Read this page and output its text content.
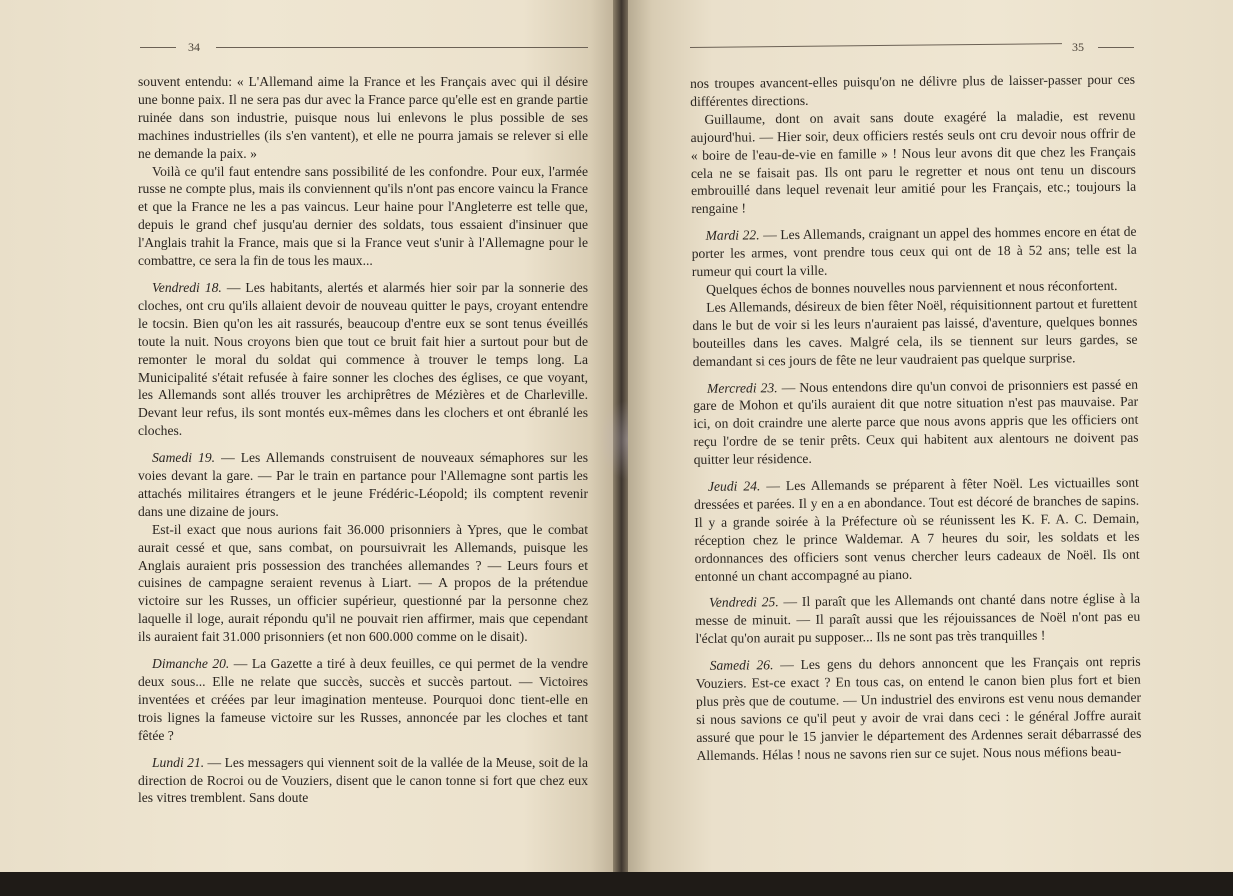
34

souvent entendu: « L'Allemand aime la France et les Français avec qui il désire une bonne paix. Il ne sera pas dur avec la France parce qu'elle est en grande partie ruinée dans son industrie, puisque nous lui enlevons le plus possible de ses machines industrielles (ils s'en vantent), et elle ne pourra jamais se relever si elle ne demande la paix. »

Voilà ce qu'il faut entendre sans possibilité de les confondre. Pour eux, l'armée russe ne compte plus, mais ils conviennent qu'ils n'ont pas encore vaincu la France et que la France ne les a pas vaincus. Leur haine pour l'Angleterre est telle que, depuis le grand chef jusqu'au dernier des soldats, tous essaient d'insinuer que l'Anglais trahit la France, mais que si la France veut s'unir à l'Allemagne pour le combattre, ce sera la fin de tous les maux...

Vendredi 18. — Les habitants, alertés et alarmés hier soir par la sonnerie des cloches, ont cru qu'ils allaient devoir de nouveau quitter le pays, croyant entendre le tocsin. Bien qu'on les ait rassurés, beaucoup d'entre eux se sont tenus éveillés toute la nuit. Nous croyons bien que tout ce bruit fait hier a surtout pour but de remonter le moral du soldat qui commence à trouver le temps long. La Municipalité s'était refusée à faire sonner les cloches des églises, ce que voyant, les Allemands sont allés trouver les archiprêtres de Mézières et de Charleville. Devant leur refus, ils sont montés eux-mêmes dans les clochers et ont ébranlé les cloches.

Samedi 19. — Les Allemands construisent de nouveaux sémaphores sur les voies devant la gare. — Par le train en partance pour l'Allemagne sont partis les attachés militaires étrangers et le jeune Frédéric-Léopold; ils comptent revenir dans une dizaine de jours.

Est-il exact que nous aurions fait 36.000 prisonniers à Ypres, que le combat aurait cessé et que, sans combat, on poursuivrait les Allemands, puisque les Anglais auraient pris possession des tranchées allemandes ? — Leurs fours et cuisines de campagne seraient revenus à Liart. — A propos de la prétendue victoire sur les Russes, un officier supérieur, questionné par la personne chez laquelle il loge, aurait répondu qu'il ne pouvait rien affirmer, mais que cependant ils auraient fait 31.000 prisonniers (et non 600.000 comme on le disait).

Dimanche 20. — La Gazette a tiré à deux feuilles, ce qui permet de la vendre deux sous... Elle ne relate que succès, succès et succès partout. — Victoires inventées et créées par leur imagination menteuse. Pourquoi donc tient-elle en trois lignes la fameuse victoire sur les Russes, annoncée par les cloches et tant fêtée ?

Lundi 21. — Les messagers qui viennent soit de la vallée de la Meuse, soit de la direction de Rocroi ou de Vouziers, disent que le canon tonne si fort que chez eux les vitres tremblent. Sans doute

35

nos troupes avancent-elles puisqu'on ne délivre plus de laisser-passer pour ces différentes directions.

Guillaume, dont on avait sans doute exagéré la maladie, est revenu aujourd'hui. — Hier soir, deux officiers restés seuls ont cru devoir nous offrir de « boire de l'eau-de-vie en famille » ! Nous leur avons dit que chez les Français cela ne se faisait pas. Ils ont paru le regretter et nous ont tenu un discours embrouillé dans lequel revenait leur amitié pour les Français, etc.; toujours la rengaine !

Mardi 22. — Les Allemands, craignant un appel des hommes encore en état de porter les armes, vont prendre tous ceux qui ont de 18 à 52 ans; telle est la rumeur qui court la ville.

Quelques échos de bonnes nouvelles nous parviennent et nous réconfortent.

Les Allemands, désireux de bien fêter Noël, réquisitionnent partout et furettent dans le but de voir si les leurs n'auraient pas laissé, d'aventure, quelques bonnes bouteilles dans les caves. Malgré cela, ils se tiennent sur leurs gardes, se demandant si ces jours de fête ne leur vaudraient pas quelque surprise.

Mercredi 23. — Nous entendons dire qu'un convoi de prisonniers est passé en gare de Mohon et qu'ils auraient dit que notre situation n'est pas mauvaise. Par ici, on doit craindre une alerte parce que nous avons appris que les officiers ont reçu l'ordre de se tenir prêts. Ceux qui habitent aux alentours ne doivent pas quitter leur résidence.

Jeudi 24. — Les Allemands se préparent à fêter Noël. Les victuailles sont dressées et parées. Il y en a en abondance. Tout est décoré de branches de sapins. Il y a grande soirée à la Préfecture où se réunissent les K. F. A. C. Demain, réception chez le prince Waldemar. A 7 heures du soir, les soldats et les ordonnances des officiers sont venus chercher leurs cadeaux de Noël. Ils ont entonné un chant accompagné au piano.

Vendredi 25. — Il paraît que les Allemands ont chanté dans notre église à la messe de minuit. — Il paraît aussi que les réjouissances de Noël n'ont pas eu l'éclat qu'on aurait pu supposer... Ils ne sont pas très tranquilles !

Samedi 26. — Les gens du dehors annoncent que les Français ont repris Vouziers. Est-ce exact ? En tous cas, on entend le canon bien plus fort et bien plus près que de coutume. — Un industriel des environs est venu nous demander si nous savions ce qu'il peut y avoir de vrai dans ceci : le général Joffre aurait assuré que pour le 15 janvier le département des Ardennes serait débarrassé des Allemands. Hélas ! nous ne savons rien sur ce sujet. Nous nous méfions beau-
